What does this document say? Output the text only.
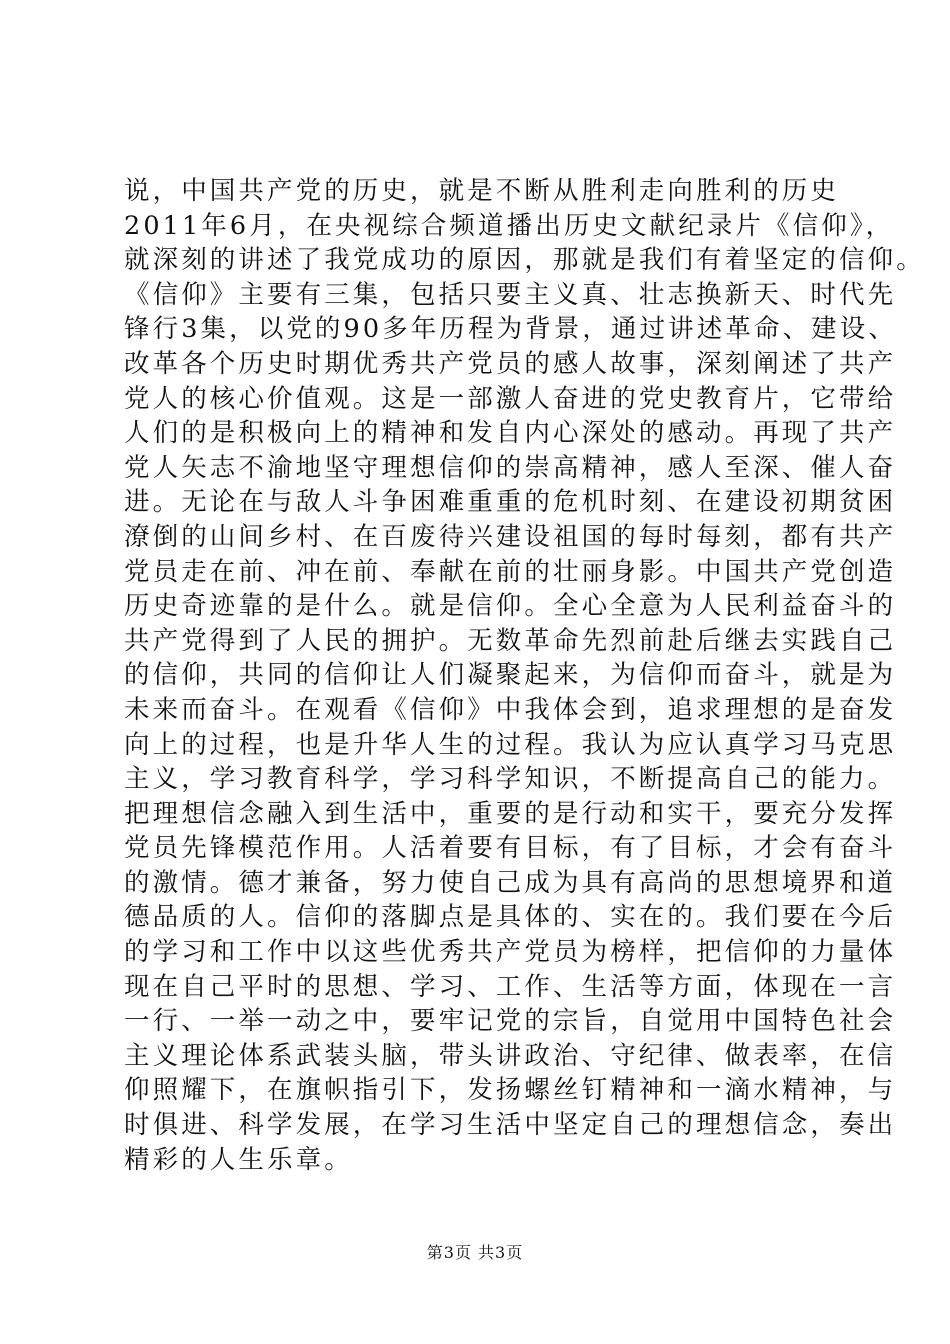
说，中国共产党的历史，就是不断从胜利走向胜利的历史
2011年6月，在央视综合频道播出历史文献纪录片《信仰》，
就深刻的讲述了我党成功的原因，那就是我们有着坚定的信仰。
《信仰》主要有三集，包括只要主义真、壮志换新天、时代先
锋行3集，以党的90多年历程为背景，通过讲述革命、建设、
改革各个历史时期优秀共产党员的感人故事，深刻阐述了共产
党人的核心价值观。这是一部激人奋进的党史教育片，它带给
人们的是积极向上的精神和发自内心深处的感动。再现了共产
党人矢志不渝地坚守理想信仰的崇高精神，感人至深、催人奋
进。无论在与敌人斗争困难重重的危机时刻、在建设初期贫困
潦倒的山间乡村、在百废待兴建设祖国的每时每刻，都有共产
党员走在前、冲在前、奉献在前的壮丽身影。中国共产党创造
历史奇迹靠的是什么。就是信仰。全心全意为人民利益奋斗的
共产党得到了人民的拥护。无数革命先烈前赴后继去实践自己
的信仰，共同的信仰让人们凝聚起来，为信仰而奋斗，就是为
未来而奋斗。在观看《信仰》中我体会到，追求理想的是奋发
向上的过程，也是升华人生的过程。我认为应认真学习马克思
主义，学习教育科学，学习科学知识，不断提高自己的能力。
把理想信念融入到生活中，重要的是行动和实干，要充分发挥
党员先锋模范作用。人活着要有目标，有了目标，才会有奋斗
的激情。德才兼备，努力使自己成为具有高尚的思想境界和道
德品质的人。信仰的落脚点是具体的、实在的。我们要在今后
的学习和工作中以这些优秀共产党员为榜样，把信仰的力量体
现在自己平时的思想、学习、工作、生活等方面，体现在一言
一行、一举一动之中，要牢记党的宗旨，自觉用中国特色社会
主义理论体系武装头脑，带头讲政治、守纪律、做表率，在信
仰照耀下，在旗帜指引下，发扬螺丝钉精神和一滴水精神，与
时俱进、科学发展，在学习生活中坚定自己的理想信念，奏出
精彩的人生乐章。
第3页 共3页
